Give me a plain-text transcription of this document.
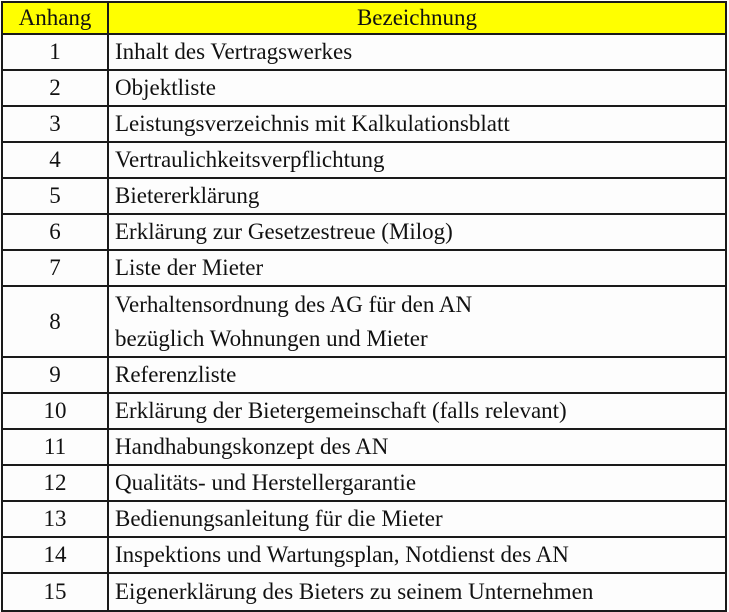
Anhang	Bezeichnung
1	Inhalt des Vertragswerkes

2	Objektliste

3	Leistungsverzeichnis mit Kalkulationsblatt

4	Vertraulichkeitsverpflichtung

5	Bietererklärung

6	Erklärung zur Gesetzestreue (Milog)

7	Liste der Mieter

8	Verhaltensordnung des AG für den AN
bezüglich Wohnungen und Mieter

9	Referenzliste

10	Erklärung der Bietergemeinschaft (falls relevant)

11	Handhabungskonzept des AN

12	Qualitäts- und Herstellergarantie

13	Bedienungsanleitung für die Mieter

14	Inspektions und Wartungsplan, Notdienst des AN

15	Eigenerklärung des Bieters zu seinem Unternehmen
